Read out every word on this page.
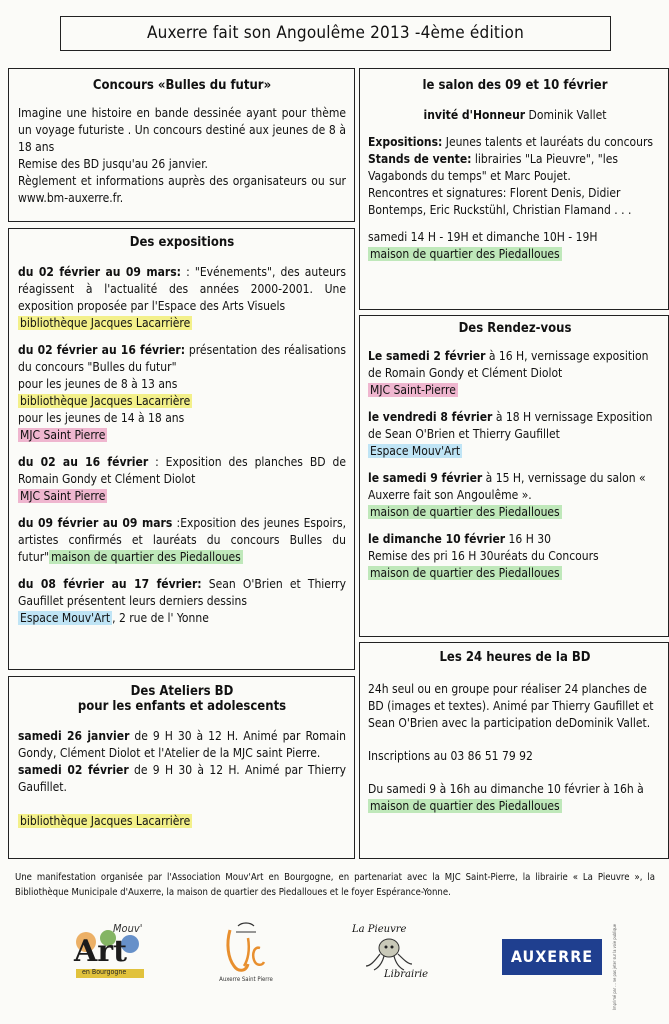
Auxerre fait son Angoulême 2013 -4ème édition
Concours «Bulles du futur»
Imagine une histoire en bande dessinée ayant pour thème un voyage futuriste . Un concours destiné aux jeunes de 8 à 18 ans
Remise des BD jusqu'au 26 janvier.
Règlement et informations auprès des organisateurs ou sur www.bm-auxerre.fr.
Des expositions
du 02 février au 09 mars: : "Evénements", des auteurs réagissent à l'actualité des années 2000-2001. Une exposition proposée par l'Espace des Arts Visuels
bibliothèque Jacques Lacarrière
du 02 février au 16 février: présentation des réalisations du concours "Bulles du futur"
pour les jeunes de 8 à 13 ans
bibliothèque Jacques Lacarrière
pour les jeunes de 14 à 18 ans
MJC Saint Pierre
du 02 au 16 février : Exposition des planches BD de Romain Gondy et Clément Diolot
MJC Saint Pierre
du 09 février au 09 mars :Exposition des jeunes Espoirs, artistes confirmés et lauréats du concours Bulles du futur" maison de quartier des Piedalloues
du 08 février au 17 février: Sean O'Brien et Thierry Gaufillet présentent leurs derniers dessins
Espace Mouv'Art , 2 rue de l' Yonne
Des Ateliers BD
pour les enfants et adolescents
samedi 26 janvier de 9 H 30 à 12 H. Animé par Romain Gondy, Clément Diolot et l'Atelier de la MJC saint Pierre.
samedi 02 février de 9 H 30 à 12 H. Animé par Thierry Gaufillet.
bibliothèque Jacques Lacarrière
le salon des 09 et 10 février
invité d'Honneur Dominik Vallet
Expositions: Jeunes talents et lauréats du concours
Stands de vente: librairies "La Pieuvre", "les Vagabonds du temps" et Marc Poujet.
Rencontres et signatures: Florent Denis, Didier Bontemps, Eric Ruckstühl, Christian Flamand . . .
samedi 14 H - 19H et dimanche 10H - 19H
maison de quartier des Piedalloues
Des Rendez-vous
Le samedi 2 février à 16 H, vernissage exposition de Romain Gondy et Clément Diolot
MJC Saint-Pierre
le vendredi 8 février à 18 H vernissage Exposition de Sean O'Brien et Thierry Gaufillet
Espace Mouv'Art
le samedi 9 février à 15 H, vernissage du salon « Auxerre fait son Angoulême ».
maison de quartier des Piedalloues
le dimanche 10 février 16 H 30
Remise des pri 16 H 30uréats du Concours
maison de quartier des Piedalloues
Les 24 heures de la BD
24h seul ou en groupe pour réaliser 24 planches de BD (images et textes). Animé par Thierry Gaufillet et Sean O'Brien avec la participation deDominik Vallet.
Inscriptions au 03 86 51 79 92
Du samedi 9 à 16h au dimanche 10 février à 16h à
maison de quartier des Piedalloues
Une manifestation organisée par l'Association Mouv'Art en Bourgogne, en partenariat avec la MJC Saint-Pierre, la librairie « La Pieuvre », la Bibliothèque Municipale d'Auxerre, la maison de quartier des Piedalloues et le foyer Espérance-Yonne.
Mouv'
Art
en Bourgogne
Auxerre Saint Pierre
La Pieuvre
Librairie
AUXERRE	Imprimé par ... ne pas jeter sur la voie publique
